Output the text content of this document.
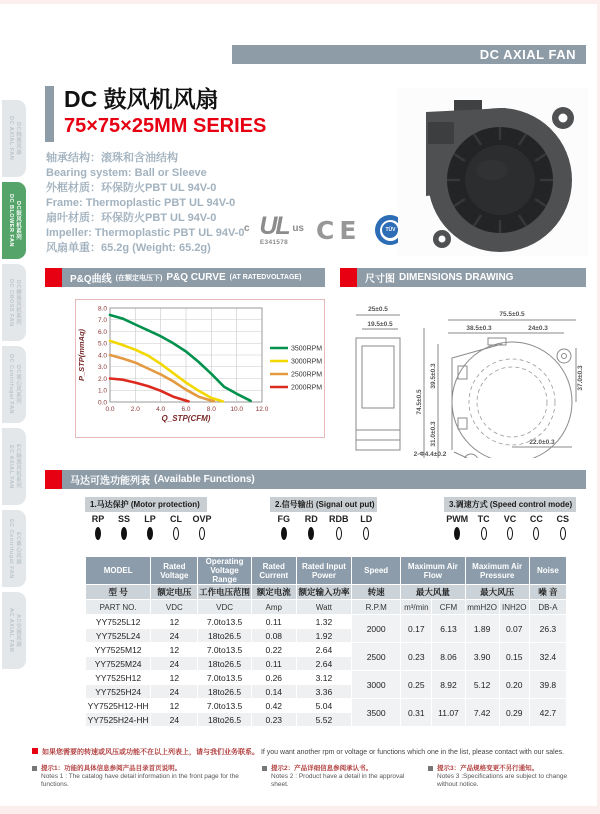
DC AXIAL FAN
DC AXIAL FAN DC轴流风扇
DC BLOWER FAN DC鼓风机系列
DC CROSS FAN DC横流风机系列
DC Centrifugal FAN DC离心风系列
EC AXIAL FAN EC轴流风机系列
EC Centrifugal FAN EC离心风扇
AC AXIAL FAN AC交流风扇
DC 鼓风机风扇
75×75×25MM SERIES
轴承结构：滚珠和含油结构
Bearing system: Ball or Sleeve
外框材质：环保防火PBT UL 94V-0
Frame: Thermoplastic PBT UL 94V-0
扇叶材质：环保防火PBT UL 94V-0
Impeller: Thermoplastic PBT UL 94V-0
风扇单重：65.2g (Weight: 65.2g)
c UL us
E341578	CE	TÜV
P&Q曲线 (在额定电压下) P&Q CURVE (AT RATEDVOLTAGE)	尺寸图 DIMENSIONS DRAWING
8.0
7.0
6.0
5.0
4.0
3.0
2.0
1.0
0.0
0.0	2.0	4.0	6.0	8.0 10.0 12.0
Q_STP(CFM)
P_STP(mmAq)	3500RPM
3000RPM
2500RPM
2000RPM
25±0.5
19.5±0.5
75.5±0.5
38.5±0.3	24±0.3
74.5±0.5
39.5±0.3
31.0±0.3
37.0±0.3
2-Φ4.4±0.2
22.0±0.3
马达可选功能列表 (Available Functions)
1.马达保护 (Motor protection)
RP	SS	LP	CL	OVP
2.信号输出 (Signal out put)
FG	RD	RDB	LD
3.调速方式 (Speed control mode)
PWM	TC	VC	CC	CS
MODEL	Rated Voltage	Operating Voltage Range	Rated Current	Rated Input Power	Speed	Maximum Air Flow		Maximum Air Pressure		Noise
型 号	额定电压	工作电压范围	额定电流	额定输入功率	转速	最大风量		最大风压		噪 音
PART NO.	VDC	VDC	Amp	Watt	R.P.M	m³/min	CFM	mmH2O	INH2O	DB-A
YY7525L12	12	7.0to13.5	0.11	1.32	2000	0.17	6.13	1.89	0.07	26.3
YY7525L24	24	18to26.5	0.08	1.92						
YY7525M12	12	7.0to13.5	0.22	2.64	2500	0.23	8.06	3.90	0.15	32.4
YY7525M24	24	18to26.5	0.11	2.64						
YY7525H12	12	7.0to13.5	0.26	3.12	3000	0.25	8.92	5.12	0.20	39.8
YY7525H24	24	18to26.5	0.14	3.36						
YY7525H12-HH	12	7.0to13.5	0.42	5.04	3500	0.31	11.07	7.42	0.29	42.7
YY7525H24-HH	24	18to26.5	0.23	5.52						
如果您需要的转速或风压或功能不在以上列表上，请与我们业务联系。 If you want another rpm or voltage or functions which one in the list, please contact with our sales.
提示1：功能的具体信息参阅产品目录首页说明。
Notes 1 : The catalog have detail information in the front page for the functions.
提示2：产品详细信息参阅承认书。
Notes 2 : Product have a detail in the approval sheet.
提示3：产品规格变更不另行通知。
Notes 3 :Specifications are subject to change without notice.
